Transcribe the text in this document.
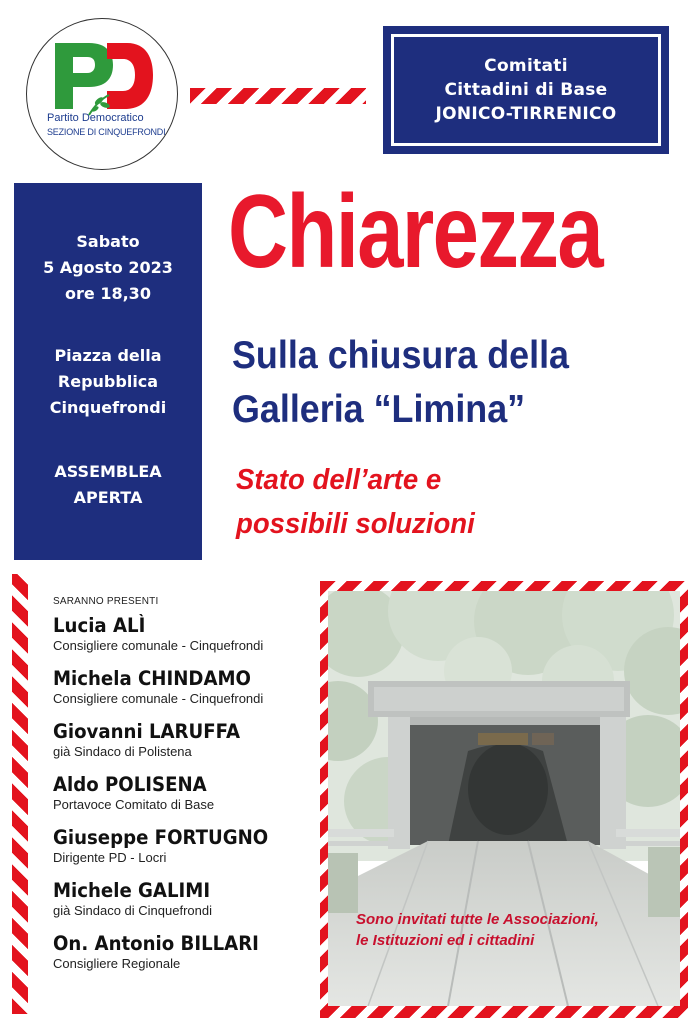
Partito Democratico
SEZIONE DI CINQUEFRONDI
Comitati
Cittadini di Base
JONICO-TIRRENICO
Sabato
5 Agosto 2023
ore 18,30
Piazza della
Repubblica
Cinquefrondi
ASSEMBLEA
APERTA
Chiarezza
Sulla chiusura della
Galleria “Limina”
Stato dell’arte e
possibili soluzioni
SARANNO PRESENTI
Lucia ALÌ
Consigliere comunale - Cinquefrondi
Michela CHINDAMO
Consigliere comunale - Cinquefrondi
Giovanni LARUFFA
già Sindaco di Polistena
Aldo POLISENA
Portavoce Comitato di Base
Giuseppe FORTUGNO
Dirigente PD - Locri
Michele GALIMI
già Sindaco di Cinquefrondi
On. Antonio BILLARI
Consigliere Regionale
Sono invitati tutte le Associazioni,
le Istituzioni ed i cittadini
